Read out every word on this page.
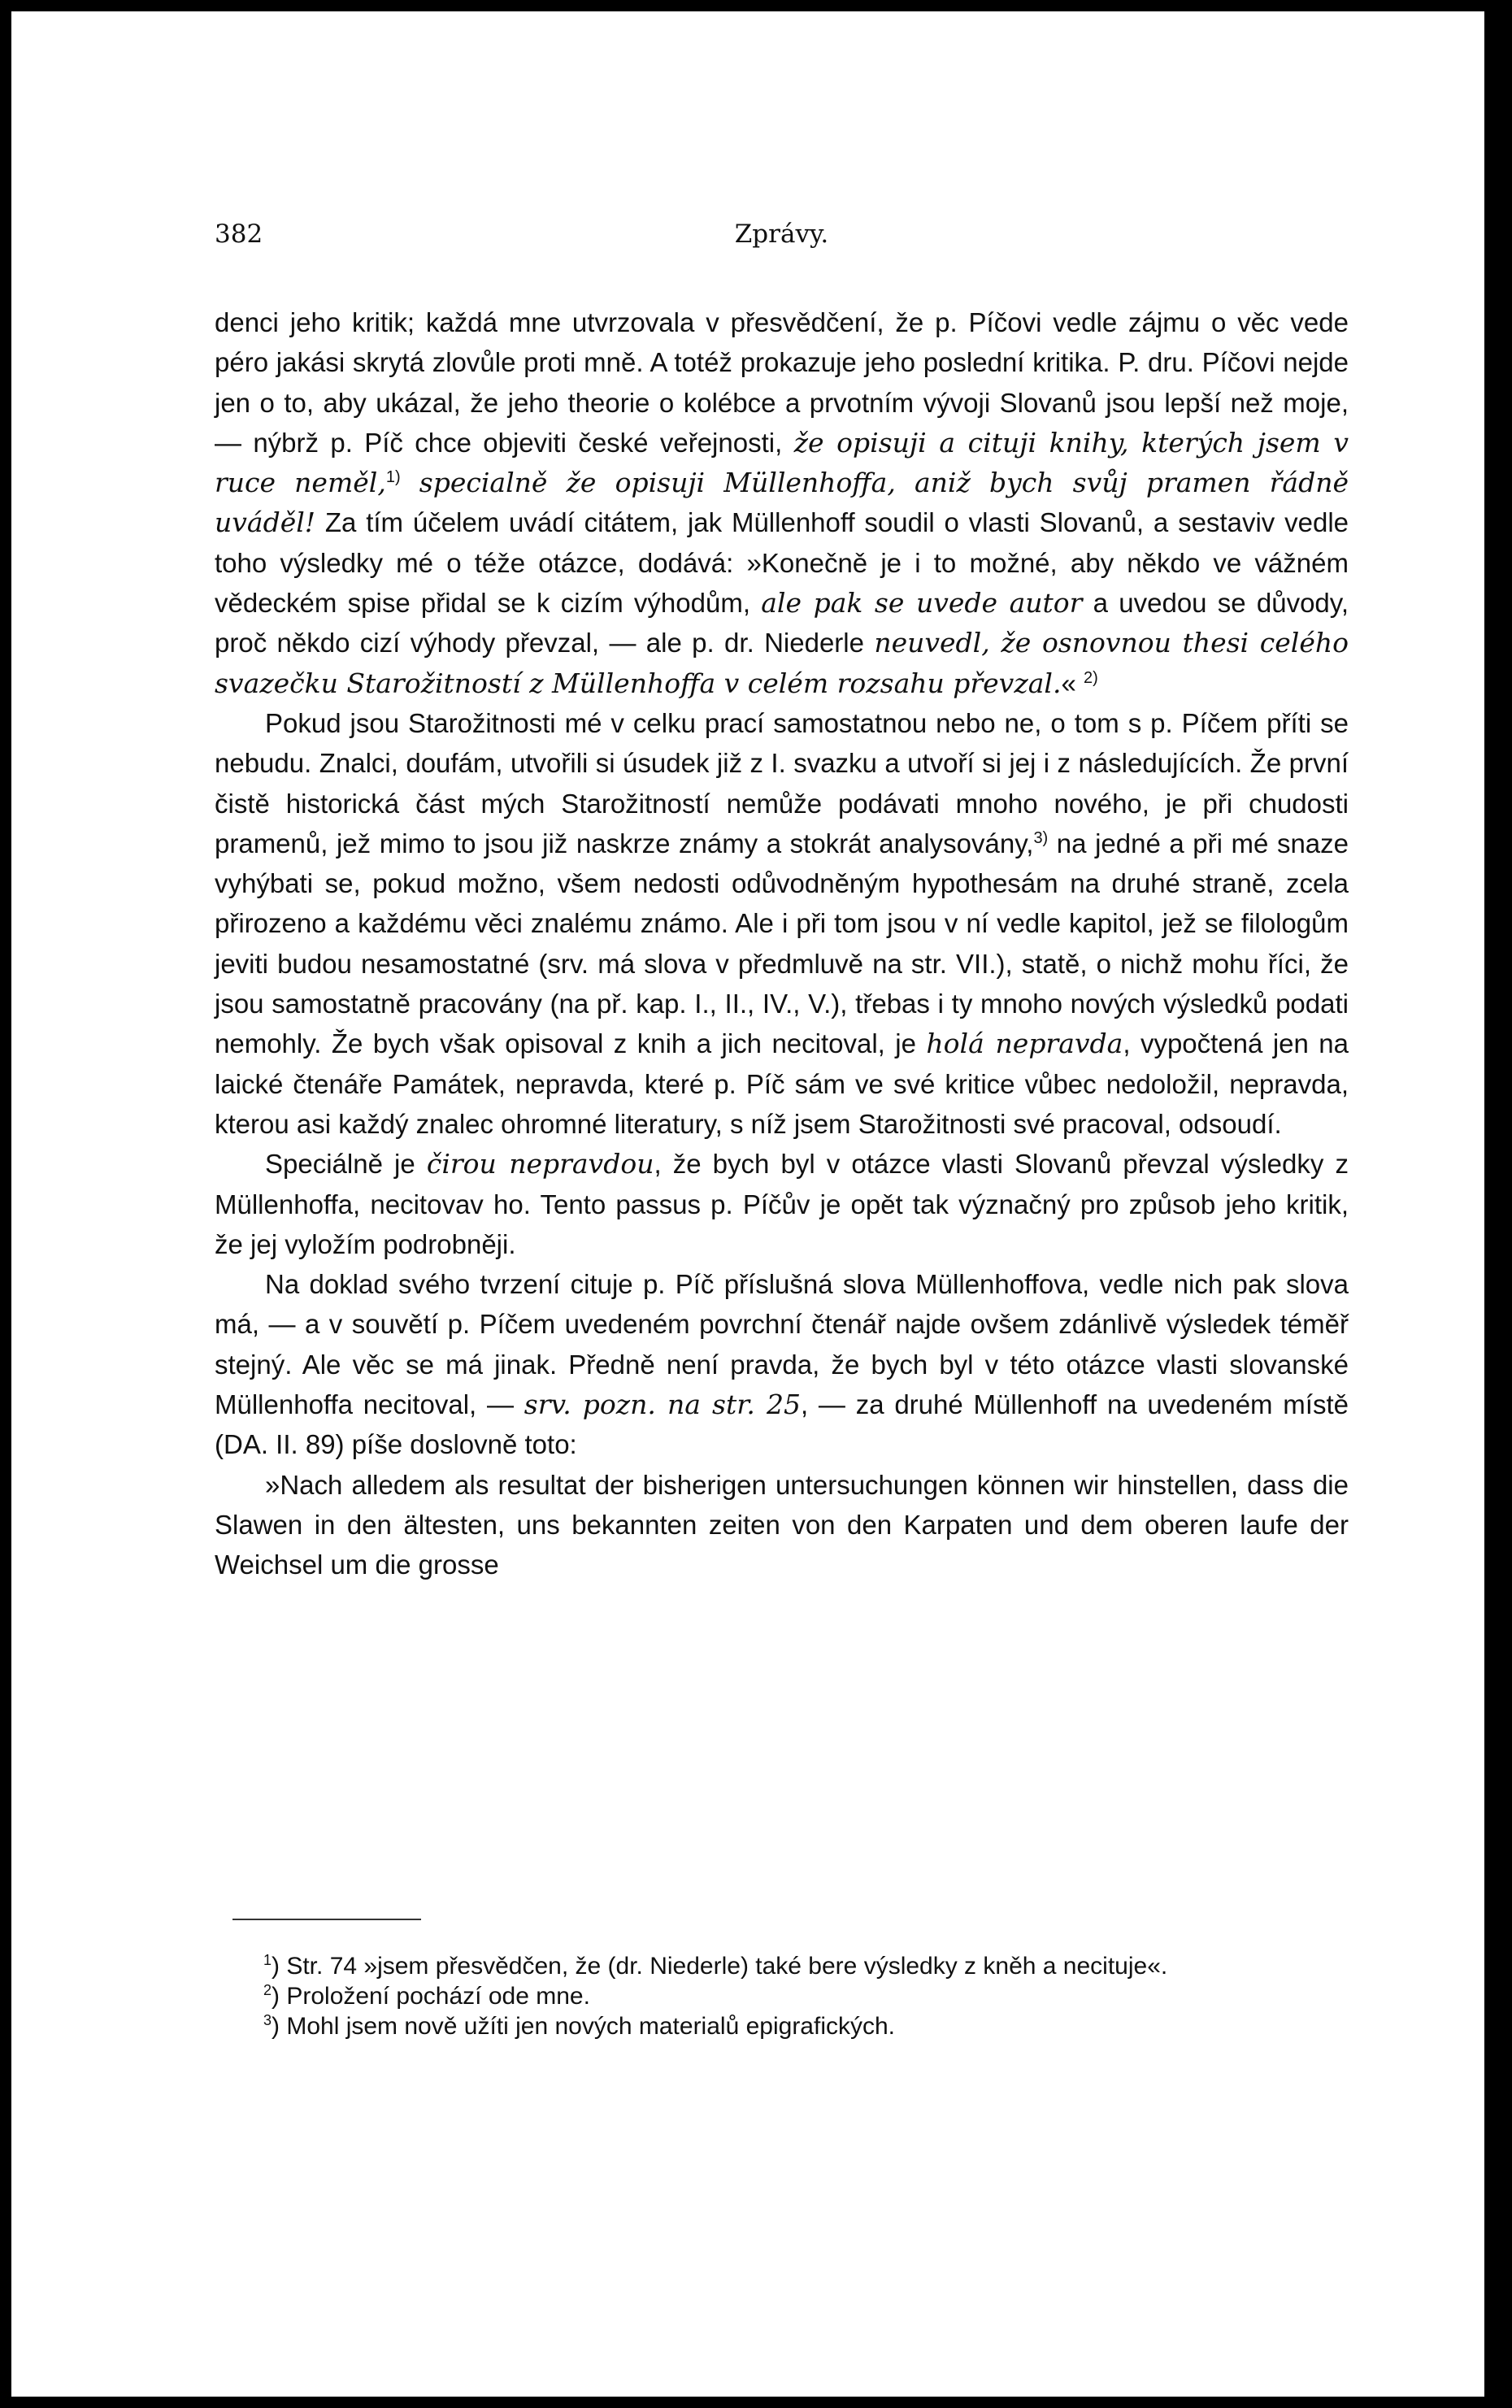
382	Zprávy.

denci jeho kritik; každá mne utvrzovala v přesvědčení, že p. Píčovi vedle zájmu o věc vede péro jakási skrytá zlovůle proti mně. A totéž prokazuje jeho poslední kritika. P. dru. Píčovi nejde jen o to, aby ukázal, že jeho theorie o kolébce a prvotním vývoji Slovanů jsou lepší než moje, — nýbrž p. Píč chce objeviti české veřejnosti, že opisuji a cituji knihy, kterých jsem v ruce neměl,$^{1)}$ specialně že opisuji Müllenhoffa, aniž bych svůj pramen řádně uváděl! Za tím účelem uvádí citátem, jak Müllenhoff soudil o vlasti Slovanů, a sestaviv vedle toho výsledky mé o téže otázce, dodává: »Konečně je i to možné, aby někdo ve vážném vědeckém spise přidal se k cizím výhodům, ale pak se uvede autor a uvedou se důvody, proč někdo cizí výhody převzal, — ale p. dr. Niederle neuvedl, že osnovnou thesi celého svazečku Starožitností z Müllenhoffa v celém rozsahu převzal.« $^{2)}$

Pokud jsou Starožitnosti mé v celku prací samostatnou nebo ne, o tom s p. Píčem příti se nebudu. Znalci, doufám, utvořili si úsudek již z I. svazku a utvoří si jej i z následujících. Že první čistě historická část mých Starožitností nemůže podávati mnoho nového, je při chudosti pramenů, jež mimo to jsou již naskrze známy a stokrát analysovány,$^{3)}$ na jedné a při mé snaze vyhýbati se, pokud možno, všem nedosti odůvodněným hypothesám na druhé straně, zcela přirozeno a každému věci znalému známo. Ale i při tom jsou v ní vedle kapitol, jež se filologům jeviti budou nesamostatné (srv. má slova v předmluvě na str. VII.), statě, o nichž mohu říci, že jsou samostatně pracovány (na př. kap. I., II., IV., V.), třebas i ty mnoho nových výsledků podati nemohly. Že bych však opisoval z knih a jich necitoval, je holá nepravda, vypočtená jen na laické čtenáře Památek, nepravda, které p. Píč sám ve své kritice vůbec nedoložil, nepravda, kterou asi každý znalec ohromné literatury, s níž jsem Starožitnosti své pracoval, odsoudí.

Speciálně je čirou nepravdou, že bych byl v otázce vlasti Slovanů převzal výsledky z Müllenhoffa, necitovav ho. Tento passus p. Píčův je opět tak význačný pro způsob jeho kritik, že jej vyložím podrobněji.

Na doklad svého tvrzení cituje p. Píč příslušná slova Müllenhoffova, vedle nich pak slova má, — a v souvětí p. Píčem uvedeném povrchní čtenář najde ovšem zdánlivě výsledek téměř stejný. Ale věc se má jinak. Předně není pravda, že bych byl v této otázce vlasti slovanské Müllenhoffa necitoval, — srv. pozn. na str. 25, — za druhé Müllenhoff na uvedeném místě (DA. II. 89) píše doslovně toto:

»Nach alledem als resultat der bisherigen untersuchungen können wir hinstellen, dass die Slawen in den ältesten, uns bekannten zeiten von den Karpaten und dem oberen laufe der Weichsel um die grosse

$^1$) Str. 74 »jsem přesvědčen, že (dr. Niederle) také bere výsledky z kněh a necituje«.

$^2$) Proložení pochází ode mne.

$^3$) Mohl jsem nově užíti jen nových materialů epigrafických.
